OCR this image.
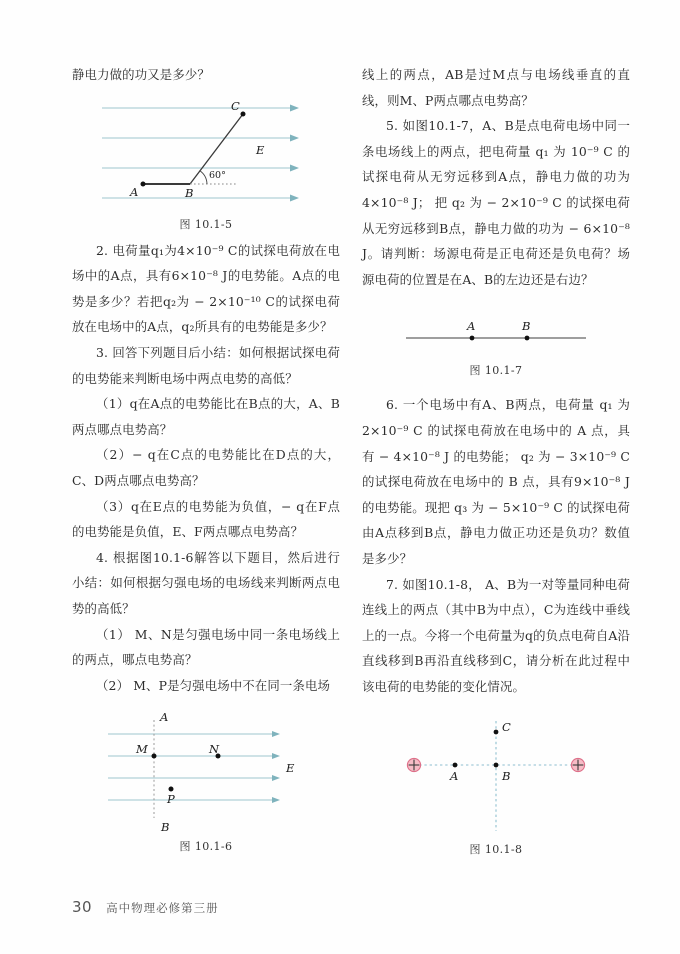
静电力做的功又是多少？

A	B
C
E
60°
图 10.1-5

2. 电荷量q₁为4×10⁻⁹ C的试探电荷放在电场中的A点，具有6×10⁻⁸ J的电势能。A点的电势是多少？若把q₂为 − 2×10⁻¹⁰ C的试探电荷放在电场中的A点，q₂所具有的电势能是多少？

3. 回答下列题目后小结：如何根据试探电荷的电势能来判断电场中两点电势的高低？

（1）q在A点的电势能比在B点的大，A、B两点哪点电势高？

（2）− q在C点的电势能比在D点的大，C、D两点哪点电势高？

（3）q在E点的电势能为负值，− q在F点的电势能是负值，E、F两点哪点电势高？

4. 根据图10.1-6解答以下题目，然后进行小结：如何根据匀强电场的电场线来判断两点电势的高低？

（1） M、N是匀强电场中同一条电场线上的两点，哪点电势高？

（2） M、P是匀强电场中不在同一条电场

A
B
M	N
P
E
图 10.1-6

线上的两点，AB是过M点与电场线垂直的直线，则M、P两点哪点电势高？

5. 如图10.1-7，A、B是点电荷电场中同一条电场线上的两点，把电荷量 q₁ 为 10⁻⁹ C 的试探电荷从无穷远移到A点，静电力做的功为4×10⁻⁸ J； 把 q₂ 为 − 2×10⁻⁹ C 的试探电荷从无穷远移到B点，静电力做的功为 − 6×10⁻⁸ J。请判断：场源电荷是正电荷还是负电荷？场源电荷的位置是在A、B的左边还是右边？

A	B
图 10.1-7

6. 一个电场中有A、B两点，电荷量 q₁ 为2×10⁻⁹ C 的试探电荷放在电场中的 A 点，具有 − 4×10⁻⁸ J 的电势能； q₂ 为 − 3×10⁻⁹ C 的试探电荷放在电场中的 B 点，具有9×10⁻⁸ J 的电势能。现把 q₃ 为 − 5×10⁻⁹ C 的试探电荷由A点移到B点，静电力做正功还是负功？数值是多少？

7. 如图10.1-8， A、B为一对等量同种电荷连线上的两点（其中B为中点），C为连线中垂线上的一点。今将一个电荷量为q的负点电荷自A沿直线移到B再沿直线移到C，请分析在此过程中该电荷的电势能的变化情况。

A	B
C
图 10.1-8
30 高中物理必修第三册
